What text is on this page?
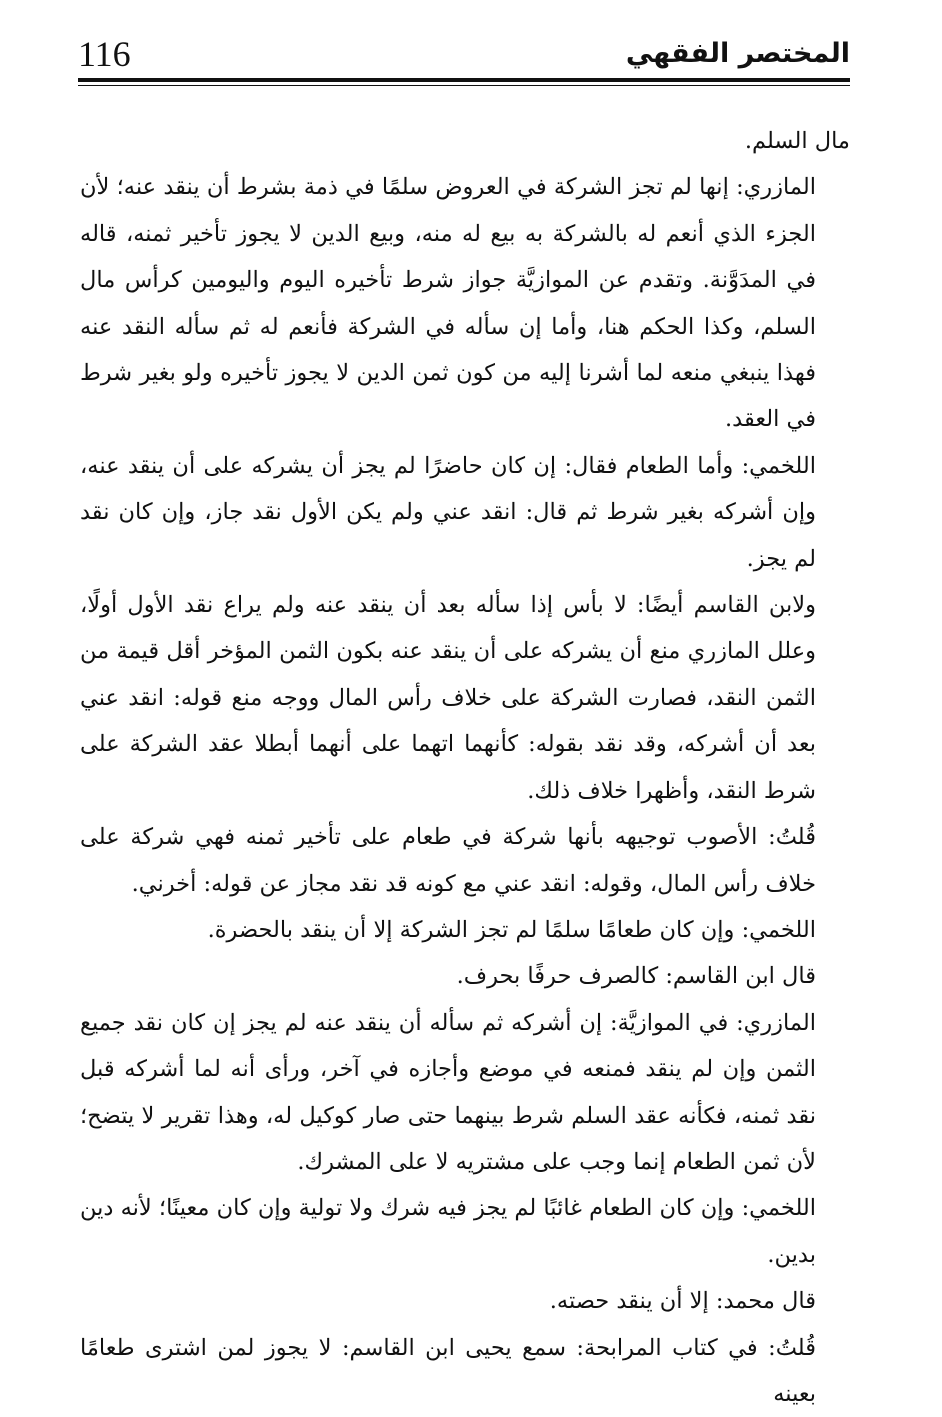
116	المختصر الفقهي

مال السلم.

المازري: إنها لم تجز الشركة في العروض سلمًا في ذمة بشرط أن ينقد عنه؛ لأن الجزء الذي أنعم له بالشركة به بيع له منه، وبيع الدين لا يجوز تأخير ثمنه، قاله في المدَوَّنة. وتقدم عن الموازيَّة جواز شرط تأخيره اليوم واليومين كرأس مال السلم، وكذا الحكم هنا، وأما إن سأله في الشركة فأنعم له ثم سأله النقد عنه فهذا ينبغي منعه لما أشرنا إليه من كون ثمن الدين لا يجوز تأخيره ولو بغير شرط في العقد.

اللخمي: وأما الطعام فقال: إن كان حاضرًا لم يجز أن يشركه على أن ينقد عنه، وإن أشركه بغير شرط ثم قال: انقد عني ولم يكن الأول نقد جاز، وإن كان نقد لم يجز.

ولابن القاسم أيضًا: لا بأس إذا سأله بعد أن ينقد عنه ولم يراع نقد الأول أولًا، وعلل المازري منع أن يشركه على أن ينقد عنه بكون الثمن المؤخر أقل قيمة من الثمن النقد، فصارت الشركة على خلاف رأس المال ووجه منع قوله: انقد عني بعد أن أشركه، وقد نقد بقوله: كأنهما اتهما على أنهما أبطلا عقد الشركة على شرط النقد، وأظهرا خلاف ذلك.

قُلتُ: الأصوب توجيهه بأنها شركة في طعام على تأخير ثمنه فهي شركة على خلاف رأس المال، وقوله: انقد عني مع كونه قد نقد مجاز عن قوله: أخرني.

اللخمي: وإن كان طعامًا سلمًا لم تجز الشركة إلا أن ينقد بالحضرة.

قال ابن القاسم: كالصرف حرفًا بحرف.

المازري: في الموازيَّة: إن أشركه ثم سأله أن ينقد عنه لم يجز إن كان نقد جميع الثمن وإن لم ينقد فمنعه في موضع وأجازه في آخر، ورأى أنه لما أشركه قبل نقد ثمنه، فكأنه عقد السلم شرط بينهما حتى صار كوكيل له، وهذا تقرير لا يتضح؛ لأن ثمن الطعام إنما وجب على مشتريه لا على المشرك.

اللخمي: وإن كان الطعام غائبًا لم يجز فيه شرك ولا تولية وإن كان معينًا؛ لأنه دين بدين.

قال محمد: إلا أن ينقد حصته.

قُلتُ: في كتاب المرابحة: سمع يحيى ابن القاسم: لا يجوز لمن اشترى طعامًا بعينه
